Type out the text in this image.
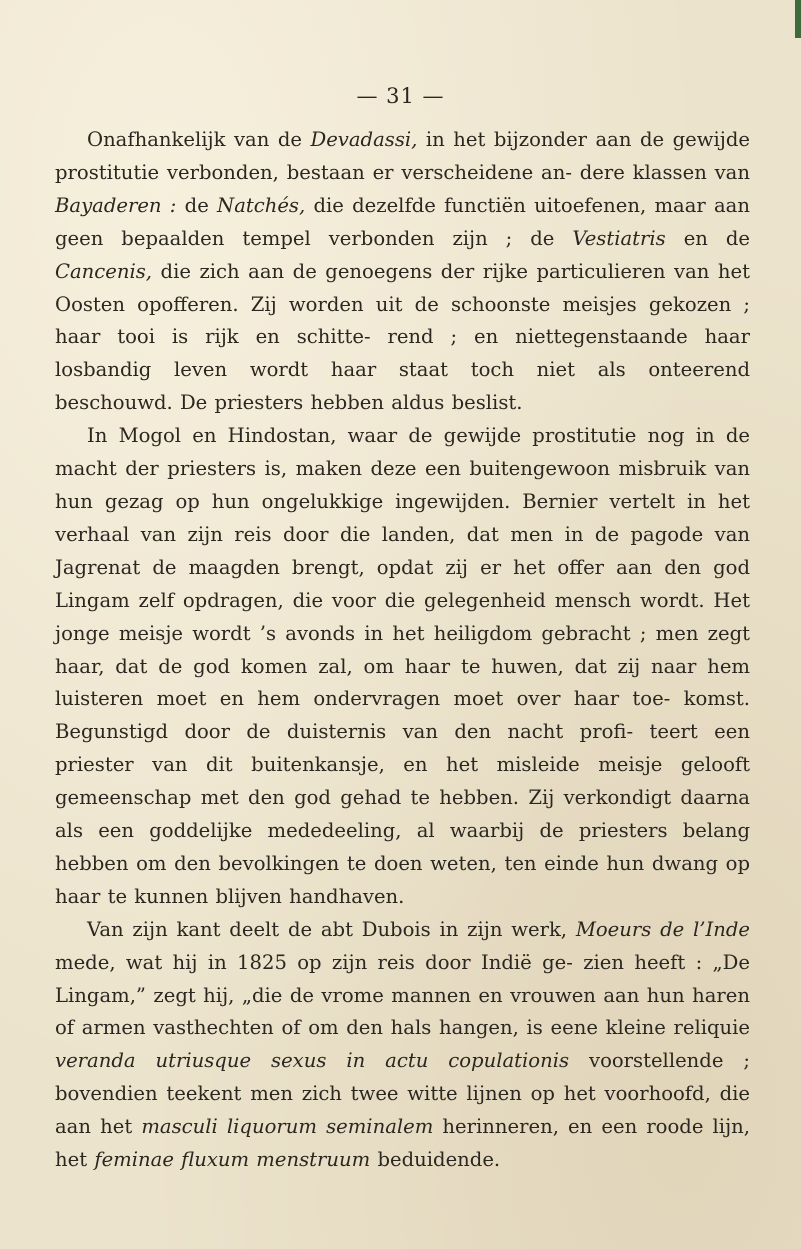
— 31 —

Onafhankelijk van de Devadassi, in het bijzonder aan de gewijde prostitutie verbonden, bestaan er verscheidene an- dere klassen van Bayaderen : de Natchés, die dezelfde functiën uitoefenen, maar aan geen bepaalden tempel verbonden zijn ; de Vestiatris en de Cancenis, die zich aan de genoegens der rijke particulieren van het Oosten opofferen. Zij worden uit de schoonste meisjes gekozen ; haar tooi is rijk en schitte- rend ; en niettegenstaande haar losbandig leven wordt haar staat toch niet als onteerend beschouwd. De priesters hebben aldus beslist.

In Mogol en Hindostan, waar de gewijde prostitutie nog in de macht der priesters is, maken deze een buitengewoon misbruik van hun gezag op hun ongelukkige ingewijden. Bernier vertelt in het verhaal van zijn reis door die landen, dat men in de pagode van Jagrenat de maagden brengt, opdat zij er het offer aan den god Lingam zelf opdragen, die voor die gelegenheid mensch wordt. Het jonge meisje wordt ’s avonds in het heiligdom gebracht ; men zegt haar, dat de god komen zal, om haar te huwen, dat zij naar hem luisteren moet en hem ondervragen moet over haar toe- komst. Begunstigd door de duisternis van den nacht profi- teert een priester van dit buitenkansje, en het misleide meisje gelooft gemeenschap met den god gehad te hebben. Zij verkondigt daarna als een goddelijke mededeeling, al waarbij de priesters belang hebben om den bevolkingen te doen weten, ten einde hun dwang op haar te kunnen blijven handhaven.

Van zijn kant deelt de abt Dubois in zijn werk, Moeurs de l’Inde mede, wat hij in 1825 op zijn reis door Indië ge- zien heeft : „De Lingam,” zegt hij, „die de vrome mannen en vrouwen aan hun haren of armen vasthechten of om den hals hangen, is eene kleine reliquie veranda utriusque sexus in actu copulationis voorstellende ; bovendien teekent men zich twee witte lijnen op het voorhoofd, die aan het masculi liquorum seminalem herinneren, en een roode lijn, het feminae fluxum menstruum beduidende.
